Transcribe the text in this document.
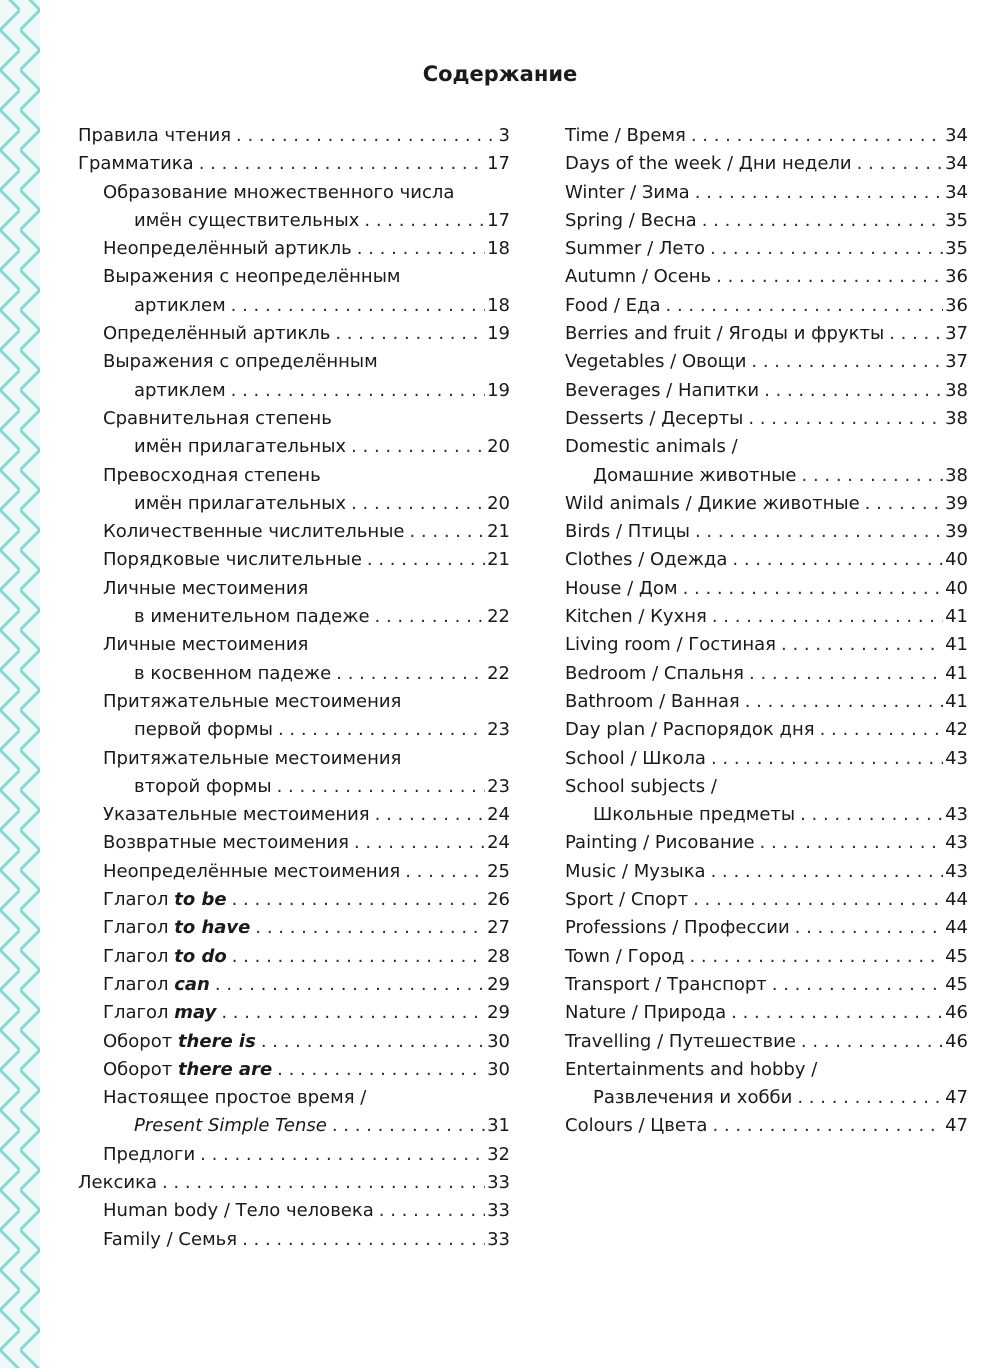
Содержание
Правила чтения . . .	3
Грамматика . . .	17
Образование множественного числа
имён существительных . . .	17
Неопределённый артикль . . .	18
Выражения с неопределённым
артиклем . . .	18
Определённый артикль . . .	19
Выражения с определённым
артиклем . . .	19
Сравнительная степень
имён прилагательных . . .	20
Превосходная степень
имён прилагательных . . .	20
Количественные числительные . . .	21
Порядковые числительные . . .	21
Личные местоимения
в именительном падеже . . .	22
Личные местоимения
в косвенном падеже . . .	22
Притяжательные местоимения
первой формы . . .	23
Притяжательные местоимения
второй формы . . .	23
Указательные местоимения . . .	24
Возвратные местоимения . . .	24
Неопределённые местоимения . . .	25
Глагол to be . . .	26
Глагол to have . . .	27
Глагол to do . . .	28
Глагол can . . .	29
Глагол may . . .	29
Оборот there is . . .	30
Оборот there are . . .	30
Настоящее простое время /
Present Simple Tense . . .	31
Предлоги . . .	32
Лексика . . .	33
Human body / Тело человека . . .	33
Family / Семья . . .	33
Time / Время . . .	34
Days of the week / Дни недели . . .	34
Winter / Зима . . .	34
Spring / Весна . . .	35
Summer / Лето . . .	35
Autumn / Осень . . .	36
Food / Еда . . .	36
Berries and fruit / Ягоды и фрукты . . .	37
Vegetables / Овощи . . .	37
Beverages / Напитки . . .	38
Desserts / Десерты . . .	38
Domestic animals /
Домашние животные . . .	38
Wild animals / Дикие животные . . .	39
Birds / Птицы . . .	39
Clothes / Одежда . . .	40
House / Дом . . .	40
Kitchen / Кухня . . .	41
Living room / Гостиная . . .	41
Bedroom / Спальня . . .	41
Bathroom / Ванная . . .	41
Day plan / Распорядок дня . . .	42
School / Школа . . .	43
School subjects /
Школьные предметы . . .	43
Painting / Рисование . . .	43
Music / Музыка . . .	43
Sport / Спорт . . .	44
Professions / Профессии . . .	44
Town / Город . . .	45
Transport / Транспорт . . .	45
Nature / Природа . . .	46
Travelling / Путешествие . . .	46
Entertainments and hobby /
Развлечения и хобби . . .	47
Colours / Цвета . . .	47
